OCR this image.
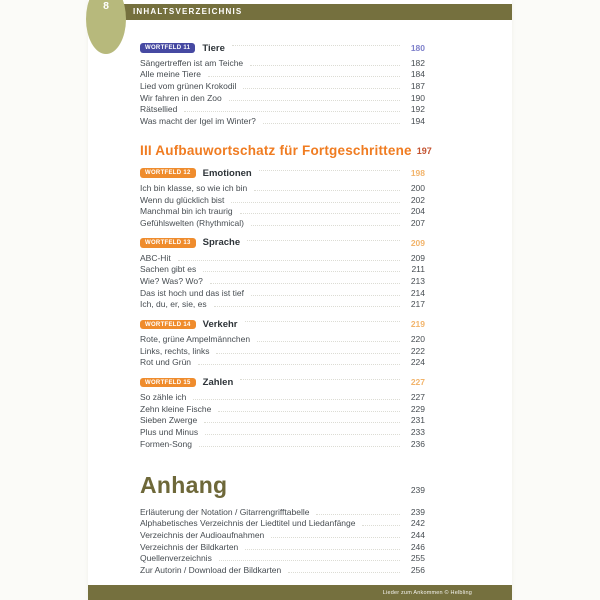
INHALTSVERZEICHNIS
8
WORTFELD 11	Tiere	180
Sängertreffen ist am Teiche	182
Alle meine Tiere	184
Lied vom grünen Krokodil	187
Wir fahren in den Zoo	190
Rätsellied	192
Was macht der Igel im Winter?	194
III Aufbauwortschatz für Fortgeschrittene 197
WORTFELD 12	Emotionen	198
Ich bin klasse, so wie ich bin	200
Wenn du glücklich bist	202
Manchmal bin ich traurig	204
Gefühlswelten (Rhythmical)	207
WORTFELD 13	Sprache	209
ABC-Hit	209
Sachen gibt es	211
Wie? Was? Wo?	213
Das ist hoch und das ist tief	214
Ich, du, er, sie, es	217
WORTFELD 14	Verkehr	219
Rote, grüne Ampelmännchen	220
Links, rechts, links	222
Rot und Grün	224
WORTFELD 15	Zahlen	227
So zähle ich	227
Zehn kleine Fische	229
Sieben Zwerge	231
Plus und Minus	233
Formen-Song	236
Anhang	239
Erläuterung der Notation / Gitarrengrifftabelle	239
Alphabetisches Verzeichnis der Liedtitel und Liedanfänge	242
Verzeichnis der Audioaufnahmen	244
Verzeichnis der Bildkarten	246
Quellenverzeichnis	255
Zur Autorin / Download der Bildkarten	256
Lieder zum Ankommen © Helbling
